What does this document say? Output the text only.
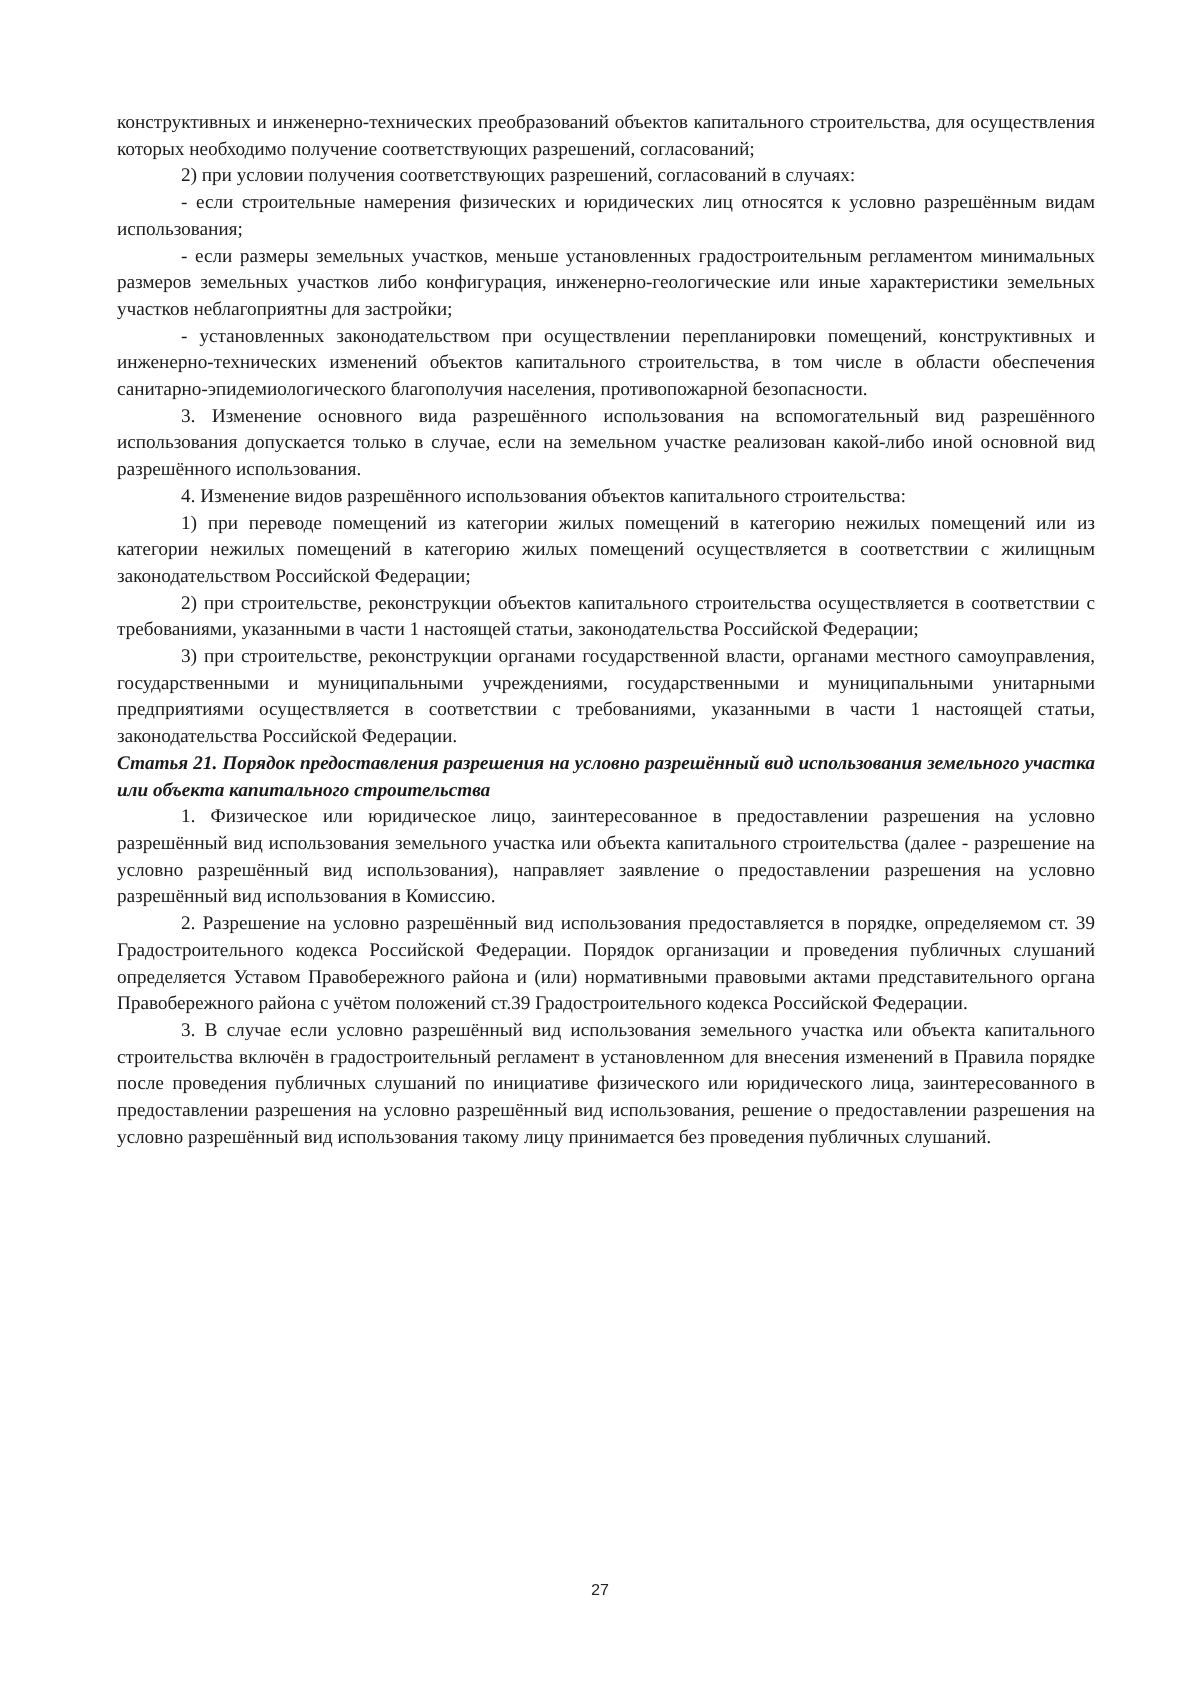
конструктивных и инженерно-технических преобразований объектов капитального строительства, для осуществления которых необходимо получение соответствующих разрешений, согласований;

2) при условии получения соответствующих разрешений, согласований в случаях:

- если строительные намерения физических и юридических лиц относятся к условно разрешённым видам использования;

- если размеры земельных участков, меньше установленных градостроительным регламентом минимальных размеров земельных участков либо конфигурация, инженерно-геологические или иные характеристики земельных участков неблагоприятны для застройки;

- установленных законодательством при осуществлении перепланировки помещений, конструктивных и инженерно-технических изменений объектов капитального строительства, в том числе в области обеспечения санитарно-эпидемиологического благополучия населения, противопожарной безопасности.

3. Изменение основного вида разрешённого использования на вспомогательный вид разрешённого использования допускается только в случае, если на земельном участке реализован какой-либо иной основной вид разрешённого использования.

4. Изменение видов разрешённого использования объектов капитального строительства:

1) при переводе помещений из категории жилых помещений в категорию нежилых помещений или из категории нежилых помещений в категорию жилых помещений осуществляется в соответствии с жилищным законодательством Российской Федерации;

2) при строительстве, реконструкции объектов капитального строительства осуществляется в соответствии с требованиями, указанными в части 1 настоящей статьи, законодательства Российской Федерации;

3) при строительстве, реконструкции органами государственной власти, органами местного самоуправления, государственными и муниципальными учреждениями, государственными и муниципальными унитарными предприятиями осуществляется в соответствии с требованиями, указанными в части 1 настоящей статьи, законодательства Российской Федерации.

Статья 21. Порядок предоставления разрешения на условно разрешённый вид использования земельного участка или объекта капитального строительства

1. Физическое или юридическое лицо, заинтересованное в предоставлении разрешения на условно разрешённый вид использования земельного участка или объекта капитального строительства (далее - разрешение на условно разрешённый вид использования), направляет заявление о предоставлении разрешения на условно разрешённый вид использования в Комиссию.

2. Разрешение на условно разрешённый вид использования предоставляется в порядке, определяемом ст. 39 Градостроительного кодекса Российской Федерации. Порядок организации и проведения публичных слушаний определяется Уставом Правобережного района и (или) нормативными правовыми актами представительного органа Правобережного района с учётом положений ст.39 Градостроительного кодекса Российской Федерации.

3. В случае если условно разрешённый вид использования земельного участка или объекта капитального строительства включён в градостроительный регламент в установленном для внесения изменений в Правила порядке после проведения публичных слушаний по инициативе физического или юридического лица, заинтересованного в предоставлении разрешения на условно разрешённый вид использования, решение о предоставлении разрешения на условно разрешённый вид использования такому лицу принимается без проведения публичных слушаний.

27
